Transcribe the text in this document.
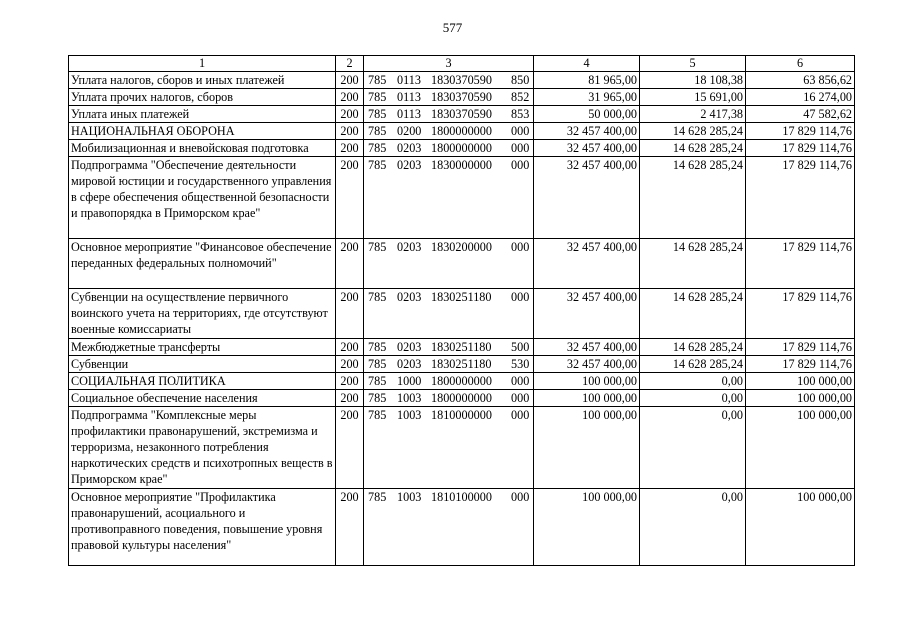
577
1	2	3	4	5	6
Уплата налогов, сборов и иных платежей	200	785 0113 1830370590 850	81 965,00	18 108,38	63 856,62
Уплата прочих налогов, сборов	200	785 0113 1830370590 852	31 965,00	15 691,00	16 274,00
Уплата иных платежей	200	785 0113 1830370590 853	50 000,00	2 417,38	47 582,62
НАЦИОНАЛЬНАЯ ОБОРОНА	200	785 0200 1800000000 000	32 457 400,00	14 628 285,24	17 829 114,76
Мобилизационная и вневойсковая подготовка	200	785 0203 1800000000 000	32 457 400,00	14 628 285,24	17 829 114,76
Подпрограмма "Обеспечение деятельности мировой юстиции и государственного управления в сфере обеспечения общественной безопасности и правопорядка в Приморском крае"	200	785 0203 1830000000 000	32 457 400,00	14 628 285,24	17 829 114,76
Основное мероприятие "Финансовое обеспечение переданных федеральных полномочий"	200	785 0203 1830200000 000	32 457 400,00	14 628 285,24	17 829 114,76
Субвенции на осуществление первичного воинского учета на территориях, где отсутствуют военные комиссариаты	200	785 0203 1830251180 000	32 457 400,00	14 628 285,24	17 829 114,76
Межбюджетные трансферты	200	785 0203 1830251180 500	32 457 400,00	14 628 285,24	17 829 114,76
Субвенции	200	785 0203 1830251180 530	32 457 400,00	14 628 285,24	17 829 114,76
СОЦИАЛЬНАЯ ПОЛИТИКА	200	785 1000 1800000000 000	100 000,00	0,00	100 000,00
Социальное обеспечение населения	200	785 1003 1800000000 000	100 000,00	0,00	100 000,00
Подпрограмма "Комплексные меры профилактики правонарушений, экстремизма и терроризма, незаконного потребления наркотических средств и психотропных веществ в Приморском крае"	200	785 1003 1810000000 000	100 000,00	0,00	100 000,00
Основное мероприятие "Профилактика правонарушений, асоциального и противоправного поведения, повышение уровня правовой культуры населения"	200	785 1003 1810100000 000	100 000,00	0,00	100 000,00
